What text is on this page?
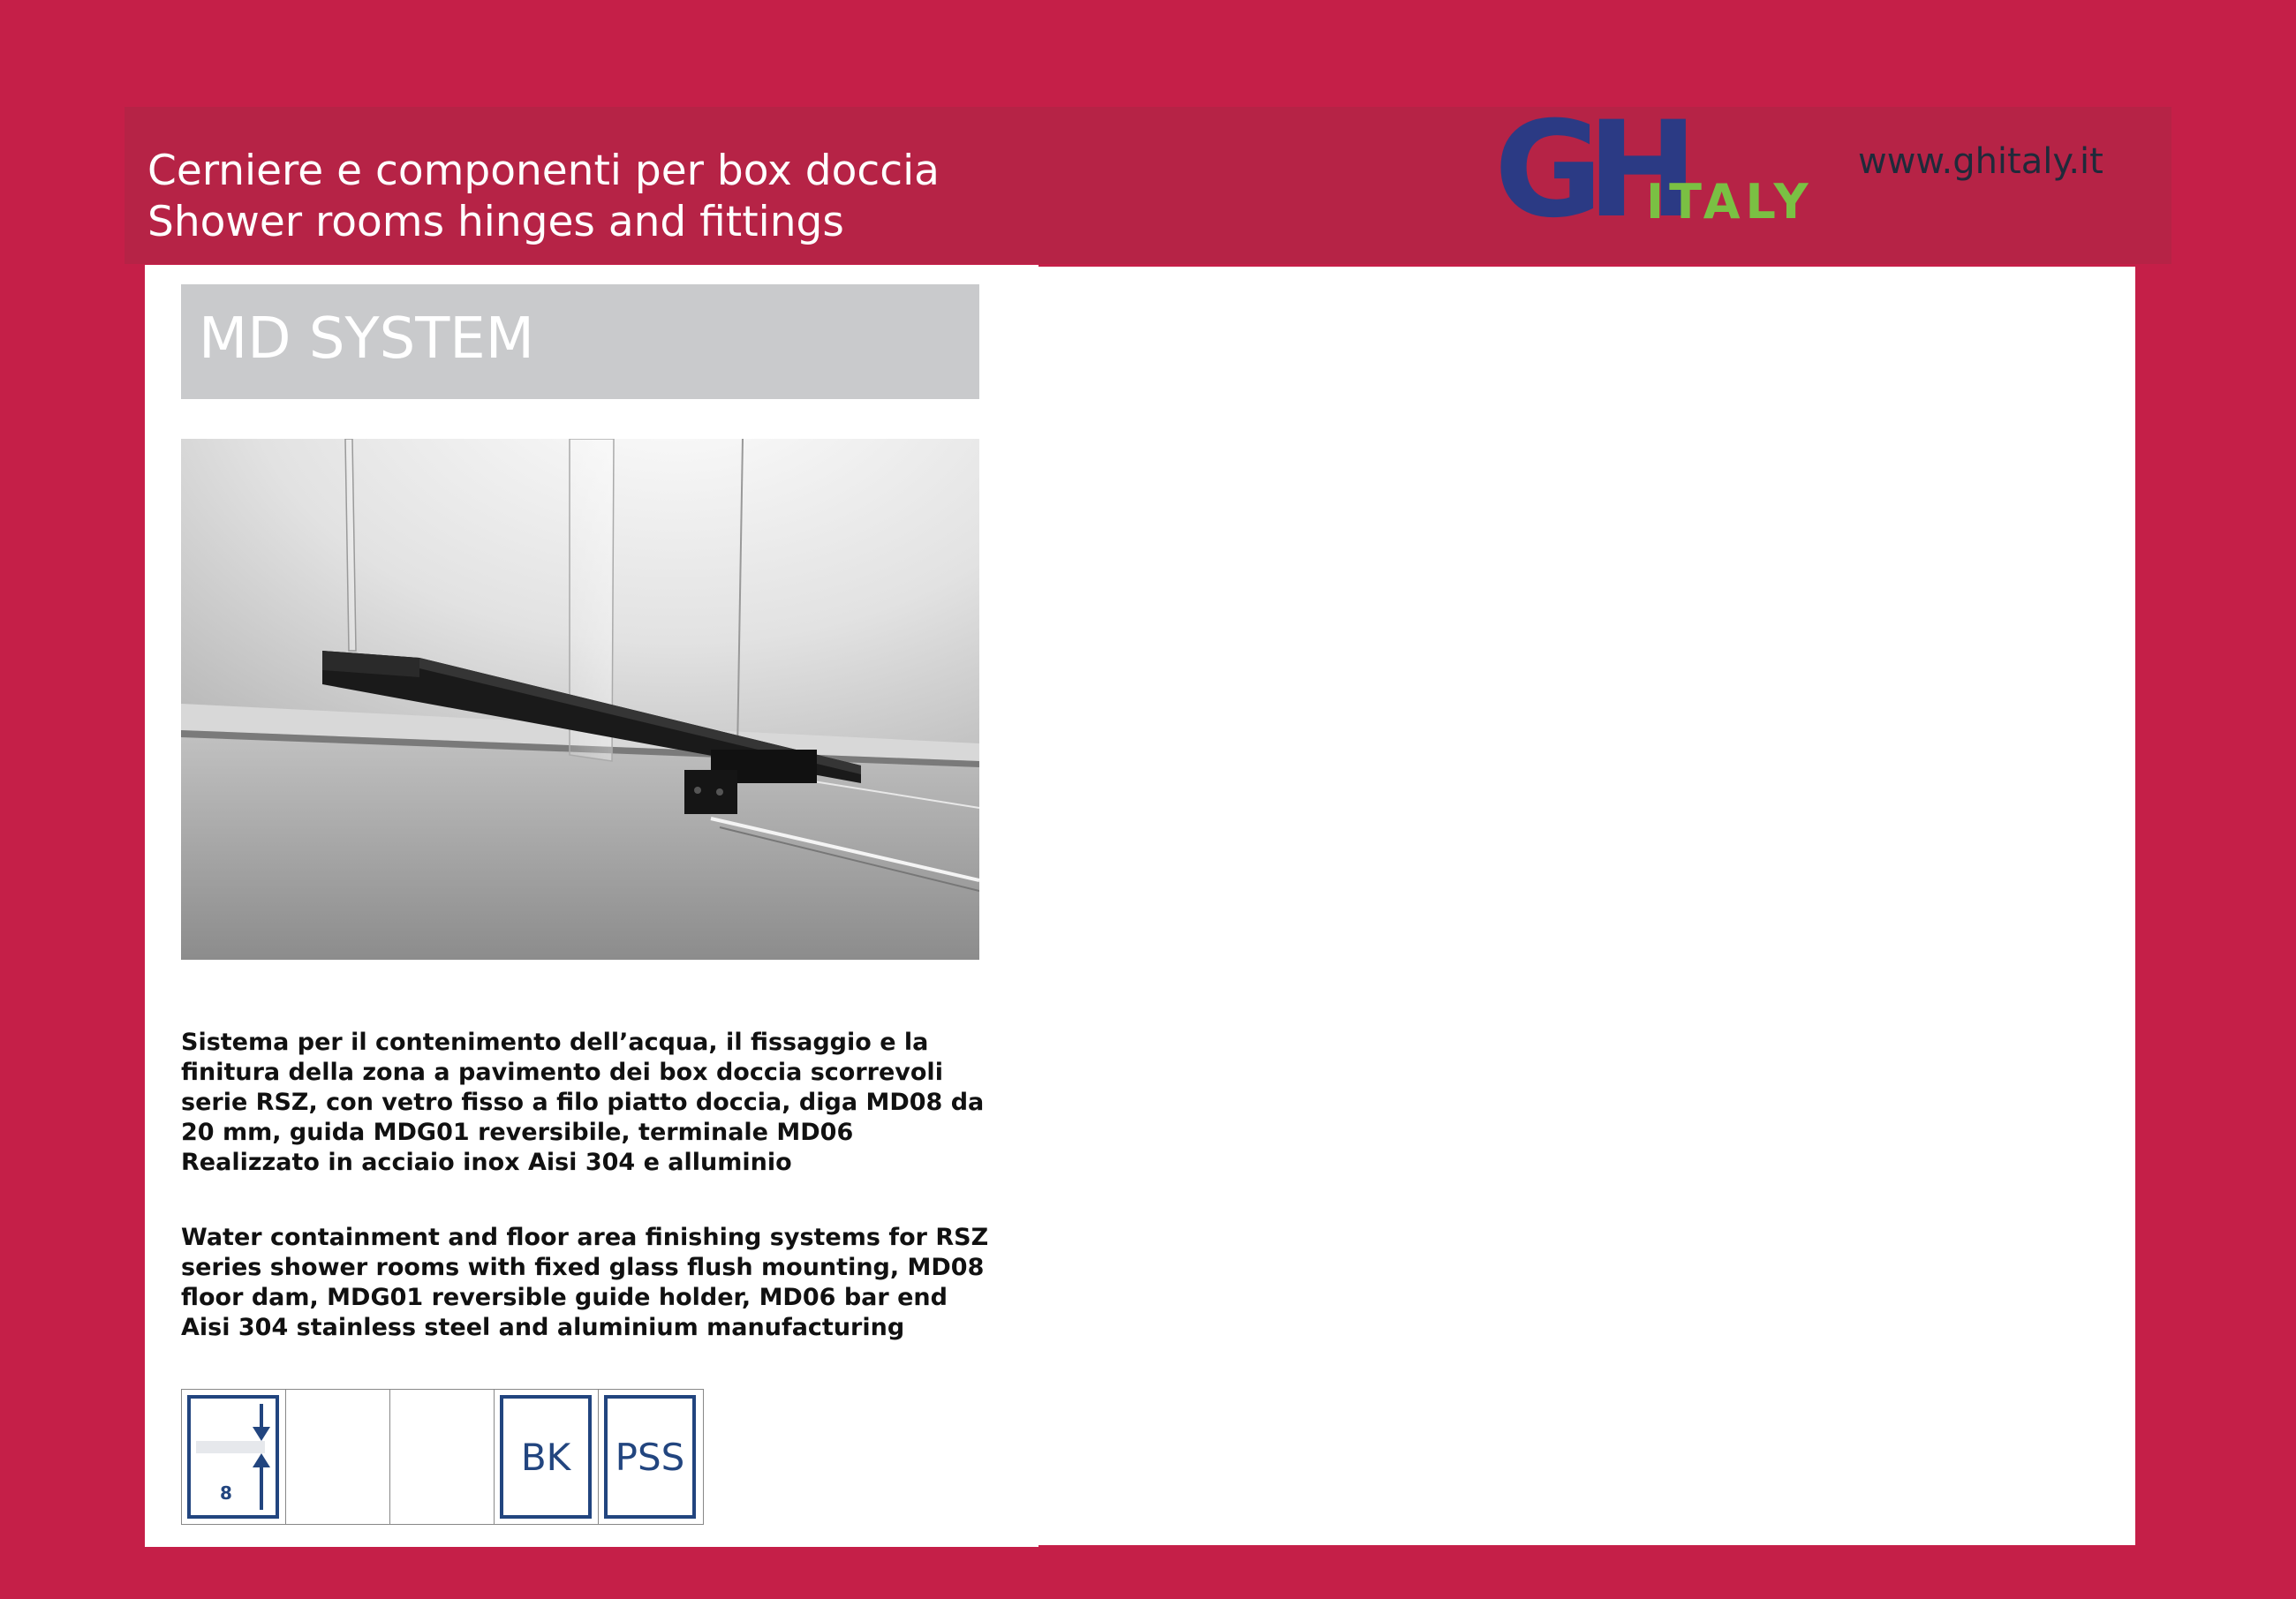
Cerniere e componenti per box doccia
Shower rooms hinges and fittings	GH
ITALY
www.ghitaly.it
MD SYSTEM
Sistema per il contenimento dell’acqua, il fissaggio e la
finitura della zona a pavimento dei box doccia scorrevoli
serie RSZ, con vetro fisso a filo piatto doccia, diga MD08 da
20 mm, guida MDG01 reversibile, terminale MD06
Realizzato in acciaio inox Aisi 304 e alluminio
Water containment and floor area finishing systems for RSZ
series shower rooms with fixed glass flush mounting, MD08
floor dam, MDG01 reversible guide holder, MD06 bar end
Aisi 304 stainless steel and aluminium manufacturing
8
BK	PSS
